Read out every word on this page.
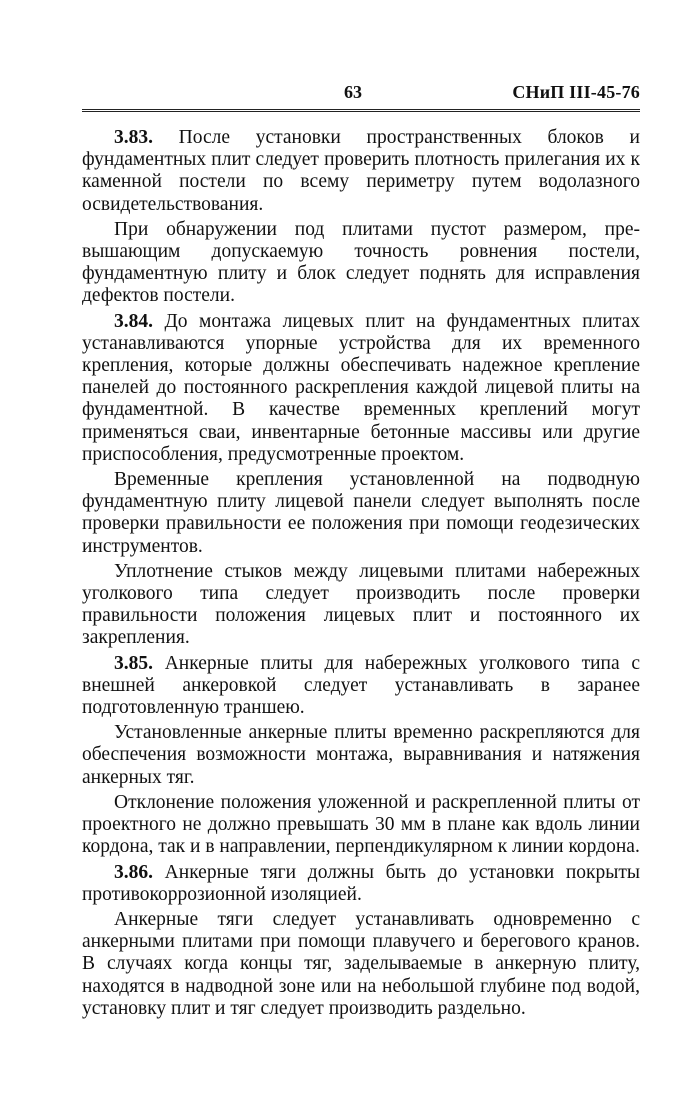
63	СНиП III-45-76

3.83. После установки пространственных блоков и фундаментных плит следует проверить плотность прилегания их к каменной постели по всему периметру путем водолазного освидетельствования.

При обнаружении под плитами пустот размером, превышающим допускаемую точность ровнения постели, фундаментную плиту и блок следует поднять для исправления дефектов постели.

3.84. До монтажа лицевых плит на фундаментных плитах устанавливаются упорные устройства для их временного крепления, которые должны обеспечивать надежное крепление панелей до постоянного раскрепления каждой лицевой плиты на фундаментной. В качестве временных креплений могут применяться сваи, инвентарные бетонные массивы или другие приспособления, предусмотренные проектом.

Временные крепления установленной на подводную фундаментную плиту лицевой панели следует выполнять после проверки правильности ее положения при помощи геодезических инструментов.

Уплотнение стыков между лицевыми плитами набережных уголкового типа следует производить после проверки правильности положения лицевых плит и постоянного их закрепления.

3.85. Анкерные плиты для набережных уголкового типа с внешней анкеровкой следует устанавливать в заранее подготовленную траншею.

Установленные анкерные плиты временно раскрепляются для обеспечения возможности монтажа, выравнивания и натяжения анкерных тяг.

Отклонение положения уложенной и раскрепленной плиты от проектного не должно превышать 30 мм в плане как вдоль линии кордона, так и в направлении, перпендикулярном к линии кордона.

3.86. Анкерные тяги должны быть до установки покрыты противокоррозионной изоляцией.

Анкерные тяги следует устанавливать одновременно с анкерными плитами при помощи плавучего и берегового кранов. В случаях когда концы тяг, заделываемые в анкерную плиту, находятся в надводной зоне или на небольшой глубине под водой, установку плит и тяг следует производить раздельно.
